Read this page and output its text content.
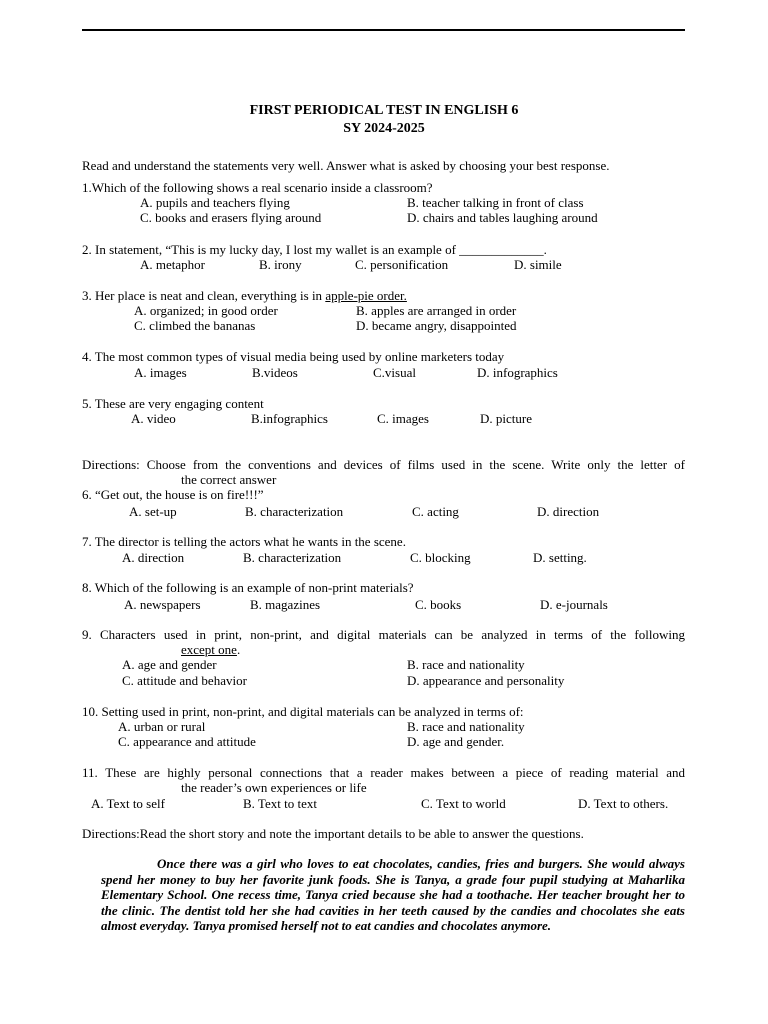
FIRST PERIODICAL TEST IN ENGLISH 6
SY 2024-2025
Read and understand the statements very well. Answer what is asked by choosing your best response.
1.Which of the following shows a real scenario inside a classroom?
A. pupils and teachers flying	B. teacher talking in front of class
C. books and erasers flying around	D. chairs and tables laughing around
2. In statement, “This is my lucky day, I lost my wallet is an example of _____________.
A. metaphor	B. irony	C. personification	D. simile
3. Her place is neat and clean, everything is in apple-pie order.
A. organized; in good order	B. apples are arranged in order
C. climbed the bananas	D. became angry, disappointed
4. The most common types of visual media being used by online marketers today
A. images	B.videos	C.visual	D. infographics
5. These are very engaging content
A. video	B.infographics	C. images	D. picture
Directions: Choose from the conventions and devices of films used in the scene. Write only the letter of
the correct answer
6. “Get out, the house is on fire!!!”
A. set-up	B. characterization	C. acting	D. direction
7. The director is telling the actors what he wants in the scene.
A. direction	B. characterization	C. blocking	D. setting.
8. Which of the following is an example of non-print materials?
A. newspapers	B. magazines	C. books	D. e-journals
9. Characters used in print, non-print, and digital materials can be analyzed in terms of the following
except one.
A. age and gender	B. race and nationality
C. attitude and behavior	D. appearance and personality
10. Setting used in print, non-print, and digital materials can be analyzed in terms of:
A. urban or rural	B. race and nationality
C. appearance and attitude	D. age and gender.
11. These are highly personal connections that a reader makes between a piece of reading material and
the reader’s own experiences or life
A. Text to self	B. Text to text	C. Text to world	D. Text to others.
Directions:Read the short story and note the important details to be able to answer the questions.
Once there was a girl who loves to eat chocolates, candies, fries and burgers. She would always spend her money to buy her favorite junk foods. She is Tanya, a grade four pupil studying at Maharlika Elementary School. One recess time, Tanya cried because she had a toothache. Her teacher brought her to the clinic. The dentist told her she had cavities in her teeth caused by the candies and chocolates she eats almost everyday. Tanya promised herself not to eat candies and chocolates anymore.
